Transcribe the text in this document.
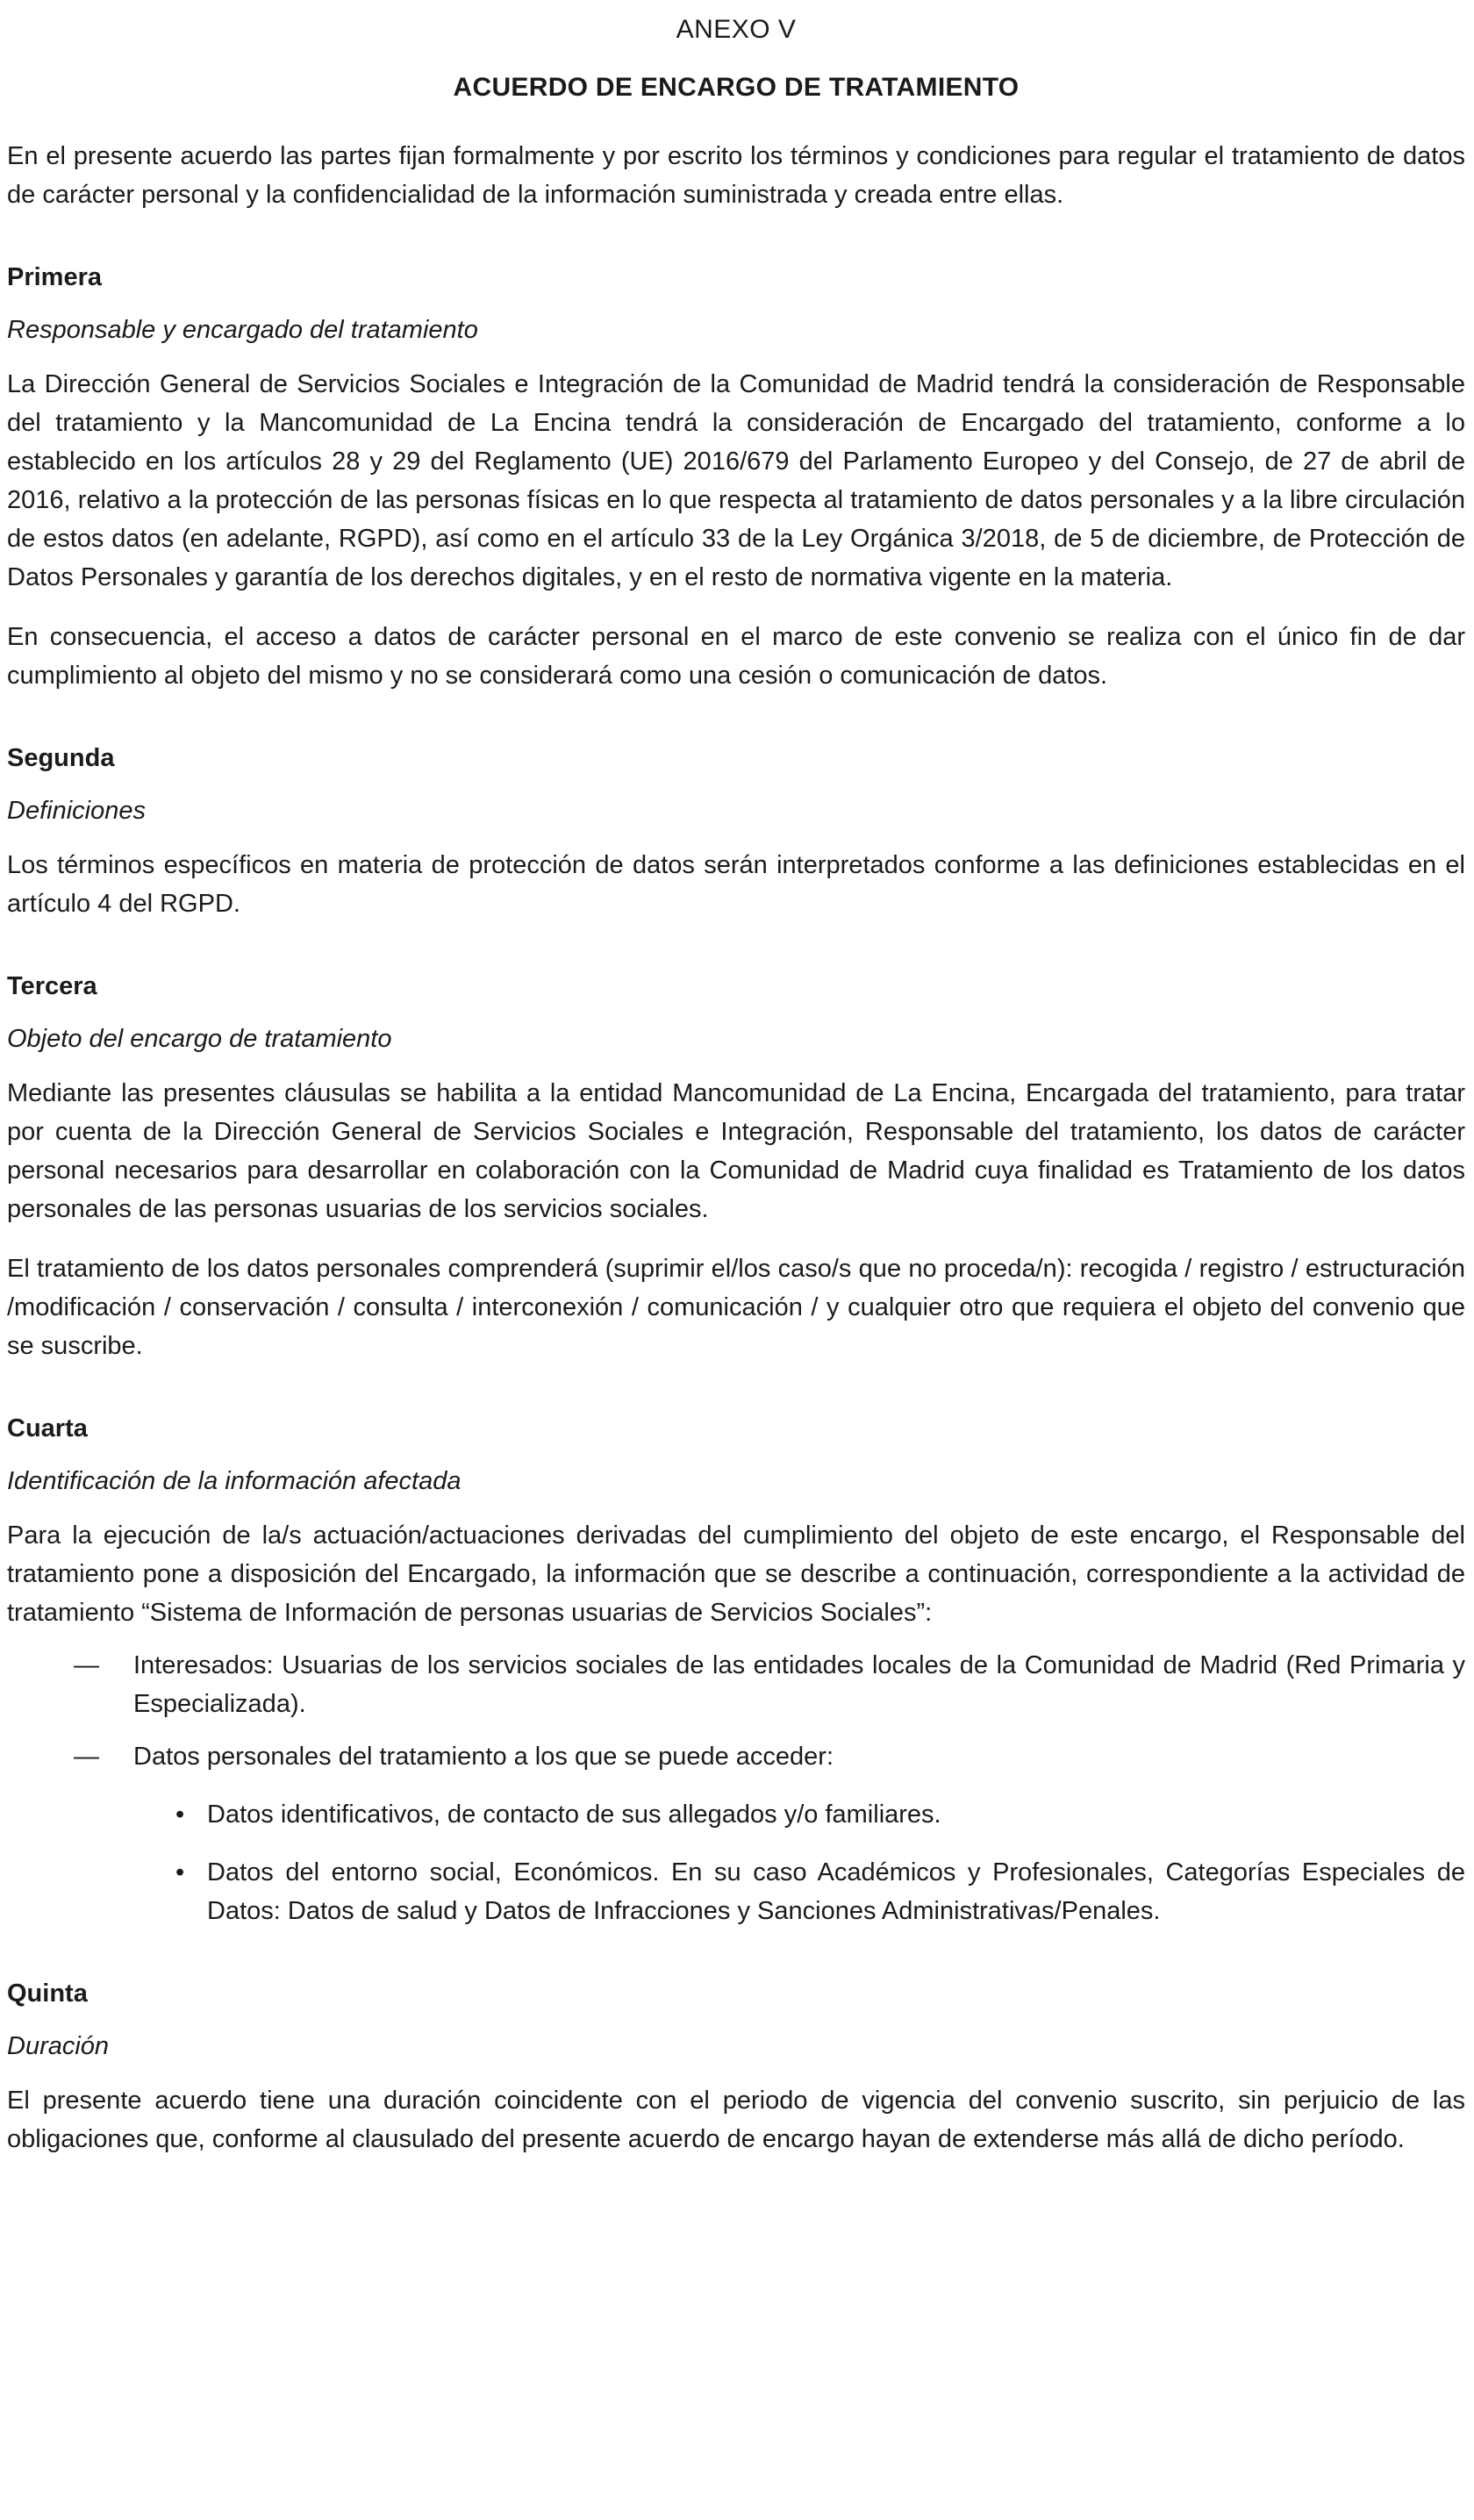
ANEXO V
ACUERDO DE ENCARGO DE TRATAMIENTO

En el presente acuerdo las partes fijan formalmente y por escrito los términos y condiciones para regular el tratamiento de datos de carácter personal y la confidencialidad de la información suministrada y creada entre ellas.

Primera
Responsable y encargado del tratamiento

La Dirección General de Servicios Sociales e Integración de la Comunidad de Madrid tendrá la consideración de Responsable del tratamiento y la Mancomunidad de La Encina tendrá la consideración de Encargado del tratamiento, conforme a lo establecido en los artículos 28 y 29 del Reglamento (UE) 2016/679 del Parlamento Europeo y del Consejo, de 27 de abril de 2016, relativo a la protección de las personas físicas en lo que respecta al tratamiento de datos personales y a la libre circulación de estos datos (en adelante, RGPD), así como en el artículo 33 de la Ley Orgánica 3/2018, de 5 de diciembre, de Protección de Datos Personales y garantía de los derechos digitales, y en el resto de normativa vigente en la materia.

En consecuencia, el acceso a datos de carácter personal en el marco de este convenio se realiza con el único fin de dar cumplimiento al objeto del mismo y no se considerará como una cesión o comunicación de datos.

Segunda
Definiciones

Los términos específicos en materia de protección de datos serán interpretados conforme a las definiciones establecidas en el artículo 4 del RGPD.

Tercera
Objeto del encargo de tratamiento

Mediante las presentes cláusulas se habilita a la entidad Mancomunidad de La Encina, Encargada del tratamiento, para tratar por cuenta de la Dirección General de Servicios Sociales e Integración, Responsable del tratamiento, los datos de carácter personal necesarios para desarrollar en colaboración con la Comunidad de Madrid cuya finalidad es Tratamiento de los datos personales de las personas usuarias de los servicios sociales.

El tratamiento de los datos personales comprenderá (suprimir el/los caso/s que no proceda/n): recogida / registro / estructuración /modificación / conservación / consulta / interconexión / comunicación / y cualquier otro que requiera el objeto del convenio que se suscribe.

Cuarta
Identificación de la información afectada

Para la ejecución de la/s actuación/actuaciones derivadas del cumplimiento del objeto de este encargo, el Responsable del tratamiento pone a disposición del Encargado, la información que se describe a continuación, correspondiente a la actividad de tratamiento “Sistema de Información de personas usuarias de Servicios Sociales”:

—	Interesados: Usuarias de los servicios sociales de las entidades locales de la Comunidad de Madrid (Red Primaria y Especializada).
—	Datos personales del tratamiento a los que se puede acceder:
• Datos identificativos, de contacto de sus allegados y/o familiares.
• Datos del entorno social, Económicos. En su caso Académicos y Profesionales, Categorías Especiales de Datos: Datos de salud y Datos de Infracciones y Sanciones Administrativas/Penales.
Quinta
Duración

El presente acuerdo tiene una duración coincidente con el periodo de vigencia del convenio suscrito, sin perjuicio de las obligaciones que, conforme al clausulado del presente acuerdo de encargo hayan de extenderse más allá de dicho período.
